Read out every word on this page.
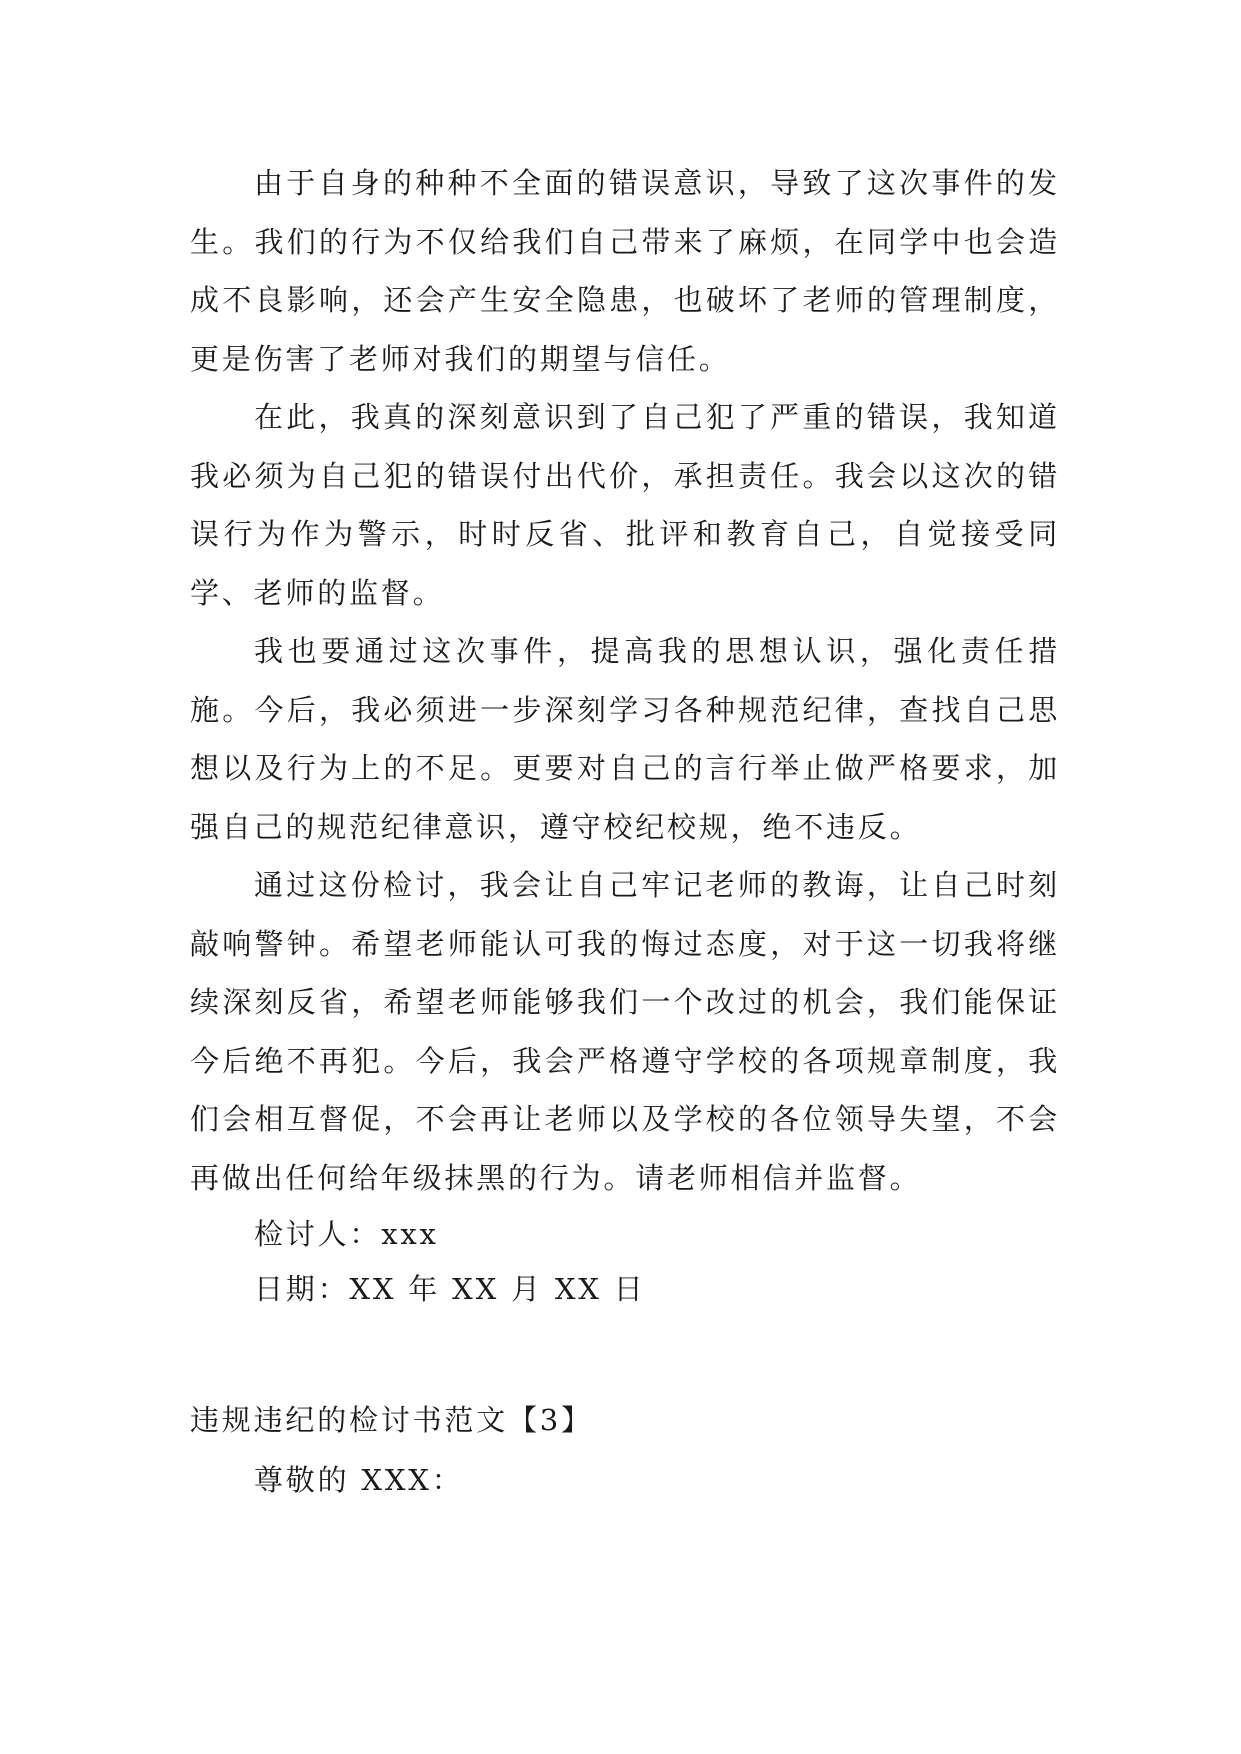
由于自身的种种不全面的错误意识，导致了这次事件的发生。我们的行为不仅给我们自己带来了麻烦，在同学中也会造成不良影响，还会产生安全隐患，也破坏了老师的管理制度，更是伤害了老师对我们的期望与信任。

在此，我真的深刻意识到了自己犯了严重的错误，我知道我必须为自己犯的错误付出代价，承担责任。我会以这次的错误行为作为警示，时时反省、批评和教育自己，自觉接受同学、老师的监督。

我也要通过这次事件，提高我的思想认识，强化责任措施。今后，我必须进一步深刻学习各种规范纪律，查找自己思想以及行为上的不足。更要对自己的言行举止做严格要求，加强自己的规范纪律意识，遵守校纪校规，绝不违反。

通过这份检讨，我会让自己牢记老师的教诲，让自己时刻敲响警钟。希望老师能认可我的悔过态度，对于这一切我将继续深刻反省，希望老师能够我们一个改过的机会，我们能保证今后绝不再犯。今后，我会严格遵守学校的各项规章制度，我们会相互督促，不会再让老师以及学校的各位领导失望，不会再做出任何给年级抹黑的行为。请老师相信并监督。

检讨人：xxx

日期：XX 年 XX 月 XX 日

违规违纪的检讨书范文【3】

尊敬的 XXX：
